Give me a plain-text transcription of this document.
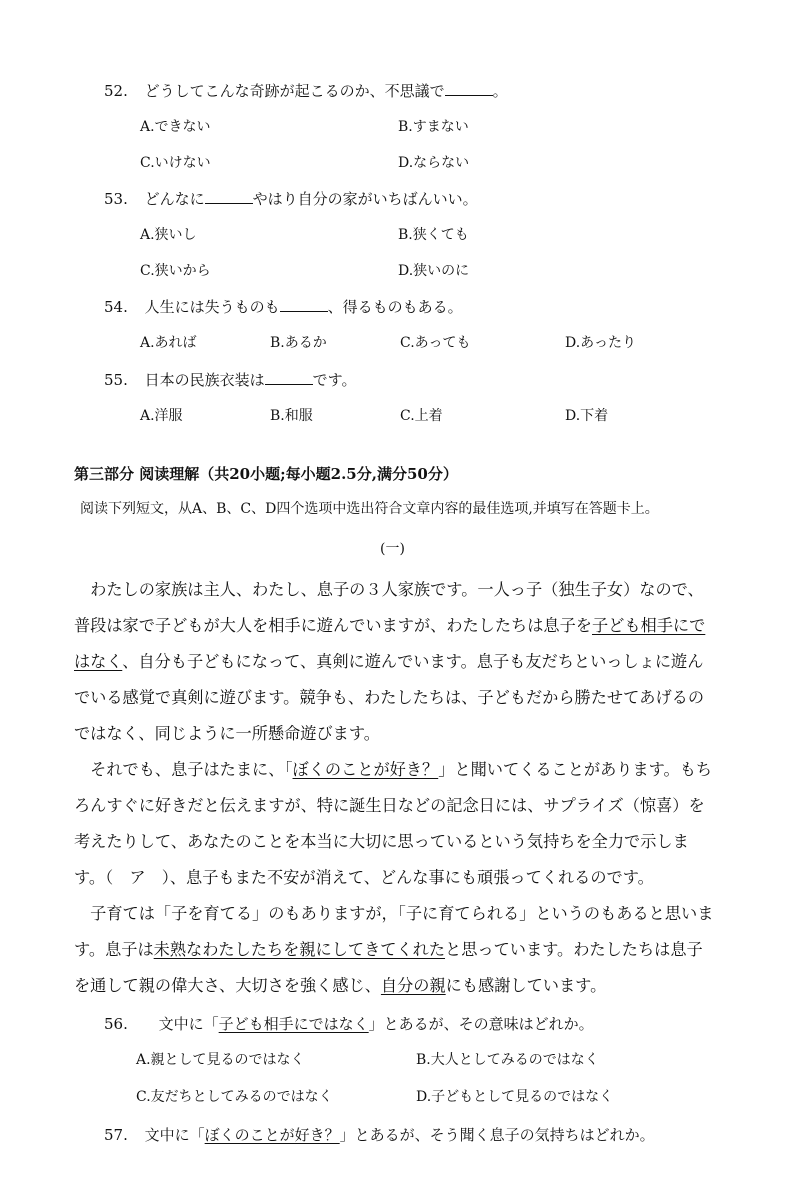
52. どうしてこんな奇跡が起こるのか、不思議で	。
A.できない	B.すまない
C.いけない	D.ならない
53. どんなに	やはり自分の家がいちばんいい。
A.狭いし	B.狭くても
C.狭いから	D.狭いのに
54. 人生には失うものも	、得るものもある。
A.あれば	B.あるか	C.あっても	D.あったり
55. 日本の民族衣装は	です。
A.洋服	B.和服	C.上着	D.下着
第三部分 阅读理解（共20小题;每小题2.5分,满分50分）
阅读下列短文，从A、B、C、D四个选项中选出符合文章内容的最佳选项,并填写在答题卡上。
(一)
　わたしの家族は主人、わたし、息子の３人家族です。一人っ子（独生子女）なので、
普段は家で子どもが大人を相手に遊んでいますが、わたしたちは息子を子ども相手にで
はなく、自分も子どもになって、真剣に遊んでいます。息子も友だちといっしょに遊ん
でいる感覚で真剣に遊びます。競争も、わたしたちは、子どもだから勝たせてあげるの
ではなく、同じように一所懸命遊びます。
　それでも、息子はたまに、「ぼくのことが好き？」と聞いてくることがあります。もち
ろんすぐに好きだと伝えますが、特に誕生日などの記念日には、サプライズ（惊喜）を
考えたりして、あなたのことを本当に大切に思っているという気持ちを全力で示しま
す。（　ア　）、息子もまた不安が消えて、どんな事にも頑張ってくれるのです。
　子育ては「子を育てる」のもありますが，「子に育てられる」というのもあると思いま
す。息子は未熟なわたしたちを親にしてきてくれたと思っています。わたしたちは息子
を通して親の偉大さ、大切さを強く感じ、自分の親にも感謝しています。
56. 文中に「子ども相手にではなく」とあるが、その意味はどれか。
A.親として見るのではなく	B.大人としてみるのではなく
C.友だちとしてみるのではなく	D.子どもとして見るのではなく
57. 文中に「ぼくのことが好き？」とあるが、そう聞く息子の気持ちはどれか。
